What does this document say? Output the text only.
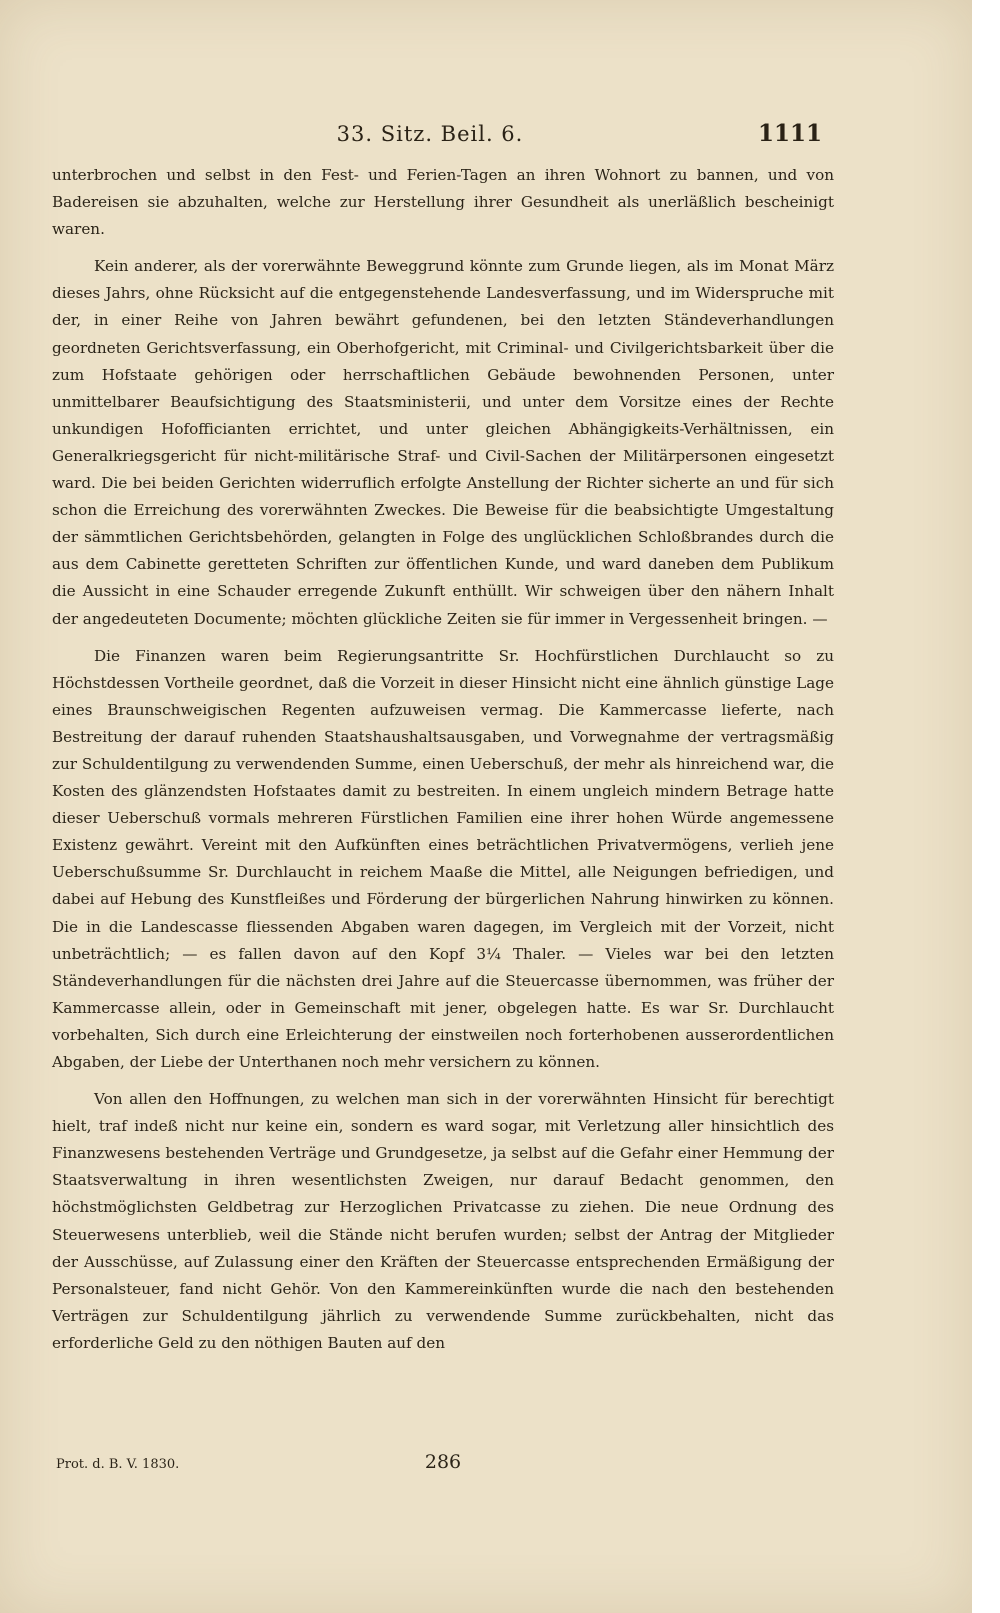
33. Sitz. Beil. 6.	1111

unterbrochen und selbst in den Fest- und Ferien-Tagen an ihren Wohnort zu bannen, und von Badereisen sie abzuhalten, welche zur Herstellung ihrer Gesundheit als unerläßlich bescheinigt waren.

Kein anderer, als der vorerwähnte Beweggrund könnte zum Grunde liegen, als im Monat März dieses Jahrs, ohne Rücksicht auf die entgegenstehende Landesverfassung, und im Widerspruche mit der, in einer Reihe von Jahren bewährt gefundenen, bei den letzten Ständeverhandlungen geordneten Gerichtsverfassung, ein Oberhofgericht, mit Criminal- und Civilgerichtsbarkeit über die zum Hofstaate gehörigen oder herrschaftlichen Gebäude bewohnenden Personen, unter unmittelbarer Beaufsichtigung des Staatsministerii, und unter dem Vorsitze eines der Rechte unkundigen Hofofficianten errichtet, und unter gleichen Abhängigkeits-Verhältnissen, ein Generalkriegsgericht für nicht-militärische Straf- und Civil-Sachen der Militärpersonen eingesetzt ward. Die bei beiden Gerichten widerruflich erfolgte Anstellung der Richter sicherte an und für sich schon die Erreichung des vorerwähnten Zweckes. Die Beweise für die beabsichtigte Umgestaltung der sämmtlichen Gerichtsbehörden, gelangten in Folge des unglücklichen Schloßbrandes durch die aus dem Cabinette geretteten Schriften zur öffentlichen Kunde, und ward daneben dem Publikum die Aussicht in eine Schauder erregende Zukunft enthüllt. Wir schweigen über den nähern Inhalt der angedeuteten Documente; möchten glückliche Zeiten sie für immer in Vergessenheit bringen. —

Die Finanzen waren beim Regierungsantritte Sr. Hochfürstlichen Durchlaucht so zu Höchstdessen Vortheile geordnet, daß die Vorzeit in dieser Hinsicht nicht eine ähnlich günstige Lage eines Braunschweigischen Regenten aufzuweisen vermag. Die Kammercasse lieferte, nach Bestreitung der darauf ruhenden Staatshaushaltsausgaben, und Vorwegnahme der vertragsmäßig zur Schuldentilgung zu verwendenden Summe, einen Ueberschuß, der mehr als hinreichend war, die Kosten des glänzendsten Hofstaates damit zu bestreiten. In einem ungleich mindern Betrage hatte dieser Ueberschuß vormals mehreren Fürstlichen Familien eine ihrer hohen Würde angemessene Existenz gewährt. Vereint mit den Aufkünften eines beträchtlichen Privatvermögens, verlieh jene Ueberschußsumme Sr. Durchlaucht in reichem Maaße die Mittel, alle Neigungen befriedigen, und dabei auf Hebung des Kunstfleißes und Förderung der bürgerlichen Nahrung hinwirken zu können. Die in die Landescasse fliessenden Abgaben waren dagegen, im Vergleich mit der Vorzeit, nicht unbeträchtlich; — es fallen davon auf den Kopf 3¼ Thaler. — Vieles war bei den letzten Ständeverhandlungen für die nächsten drei Jahre auf die Steuercasse übernommen, was früher der Kammercasse allein, oder in Gemeinschaft mit jener, obgelegen hatte. Es war Sr. Durchlaucht vorbehalten, Sich durch eine Erleichterung der einstweilen noch forterhobenen ausserordentlichen Abgaben, der Liebe der Unterthanen noch mehr versichern zu können.

Von allen den Hoffnungen, zu welchen man sich in der vorerwähnten Hinsicht für berechtigt hielt, traf indeß nicht nur keine ein, sondern es ward sogar, mit Verletzung aller hinsichtlich des Finanzwesens bestehenden Verträge und Grundgesetze, ja selbst auf die Gefahr einer Hemmung der Staatsverwaltung in ihren wesentlichsten Zweigen, nur darauf Bedacht genommen, den höchstmöglichsten Geldbetrag zur Herzoglichen Privatcasse zu ziehen. Die neue Ordnung des Steuerwesens unterblieb, weil die Stände nicht berufen wurden; selbst der Antrag der Mitglieder der Ausschüsse, auf Zulassung einer den Kräften der Steuercasse entsprechenden Ermäßigung der Personalsteuer, fand nicht Gehör. Von den Kammereinkünften wurde die nach den bestehenden Verträgen zur Schuldentilgung jährlich zu verwendende Summe zurückbehalten, nicht das erforderliche Geld zu den nöthigen Bauten auf den

Prot. d. B. V. 1830.	286
